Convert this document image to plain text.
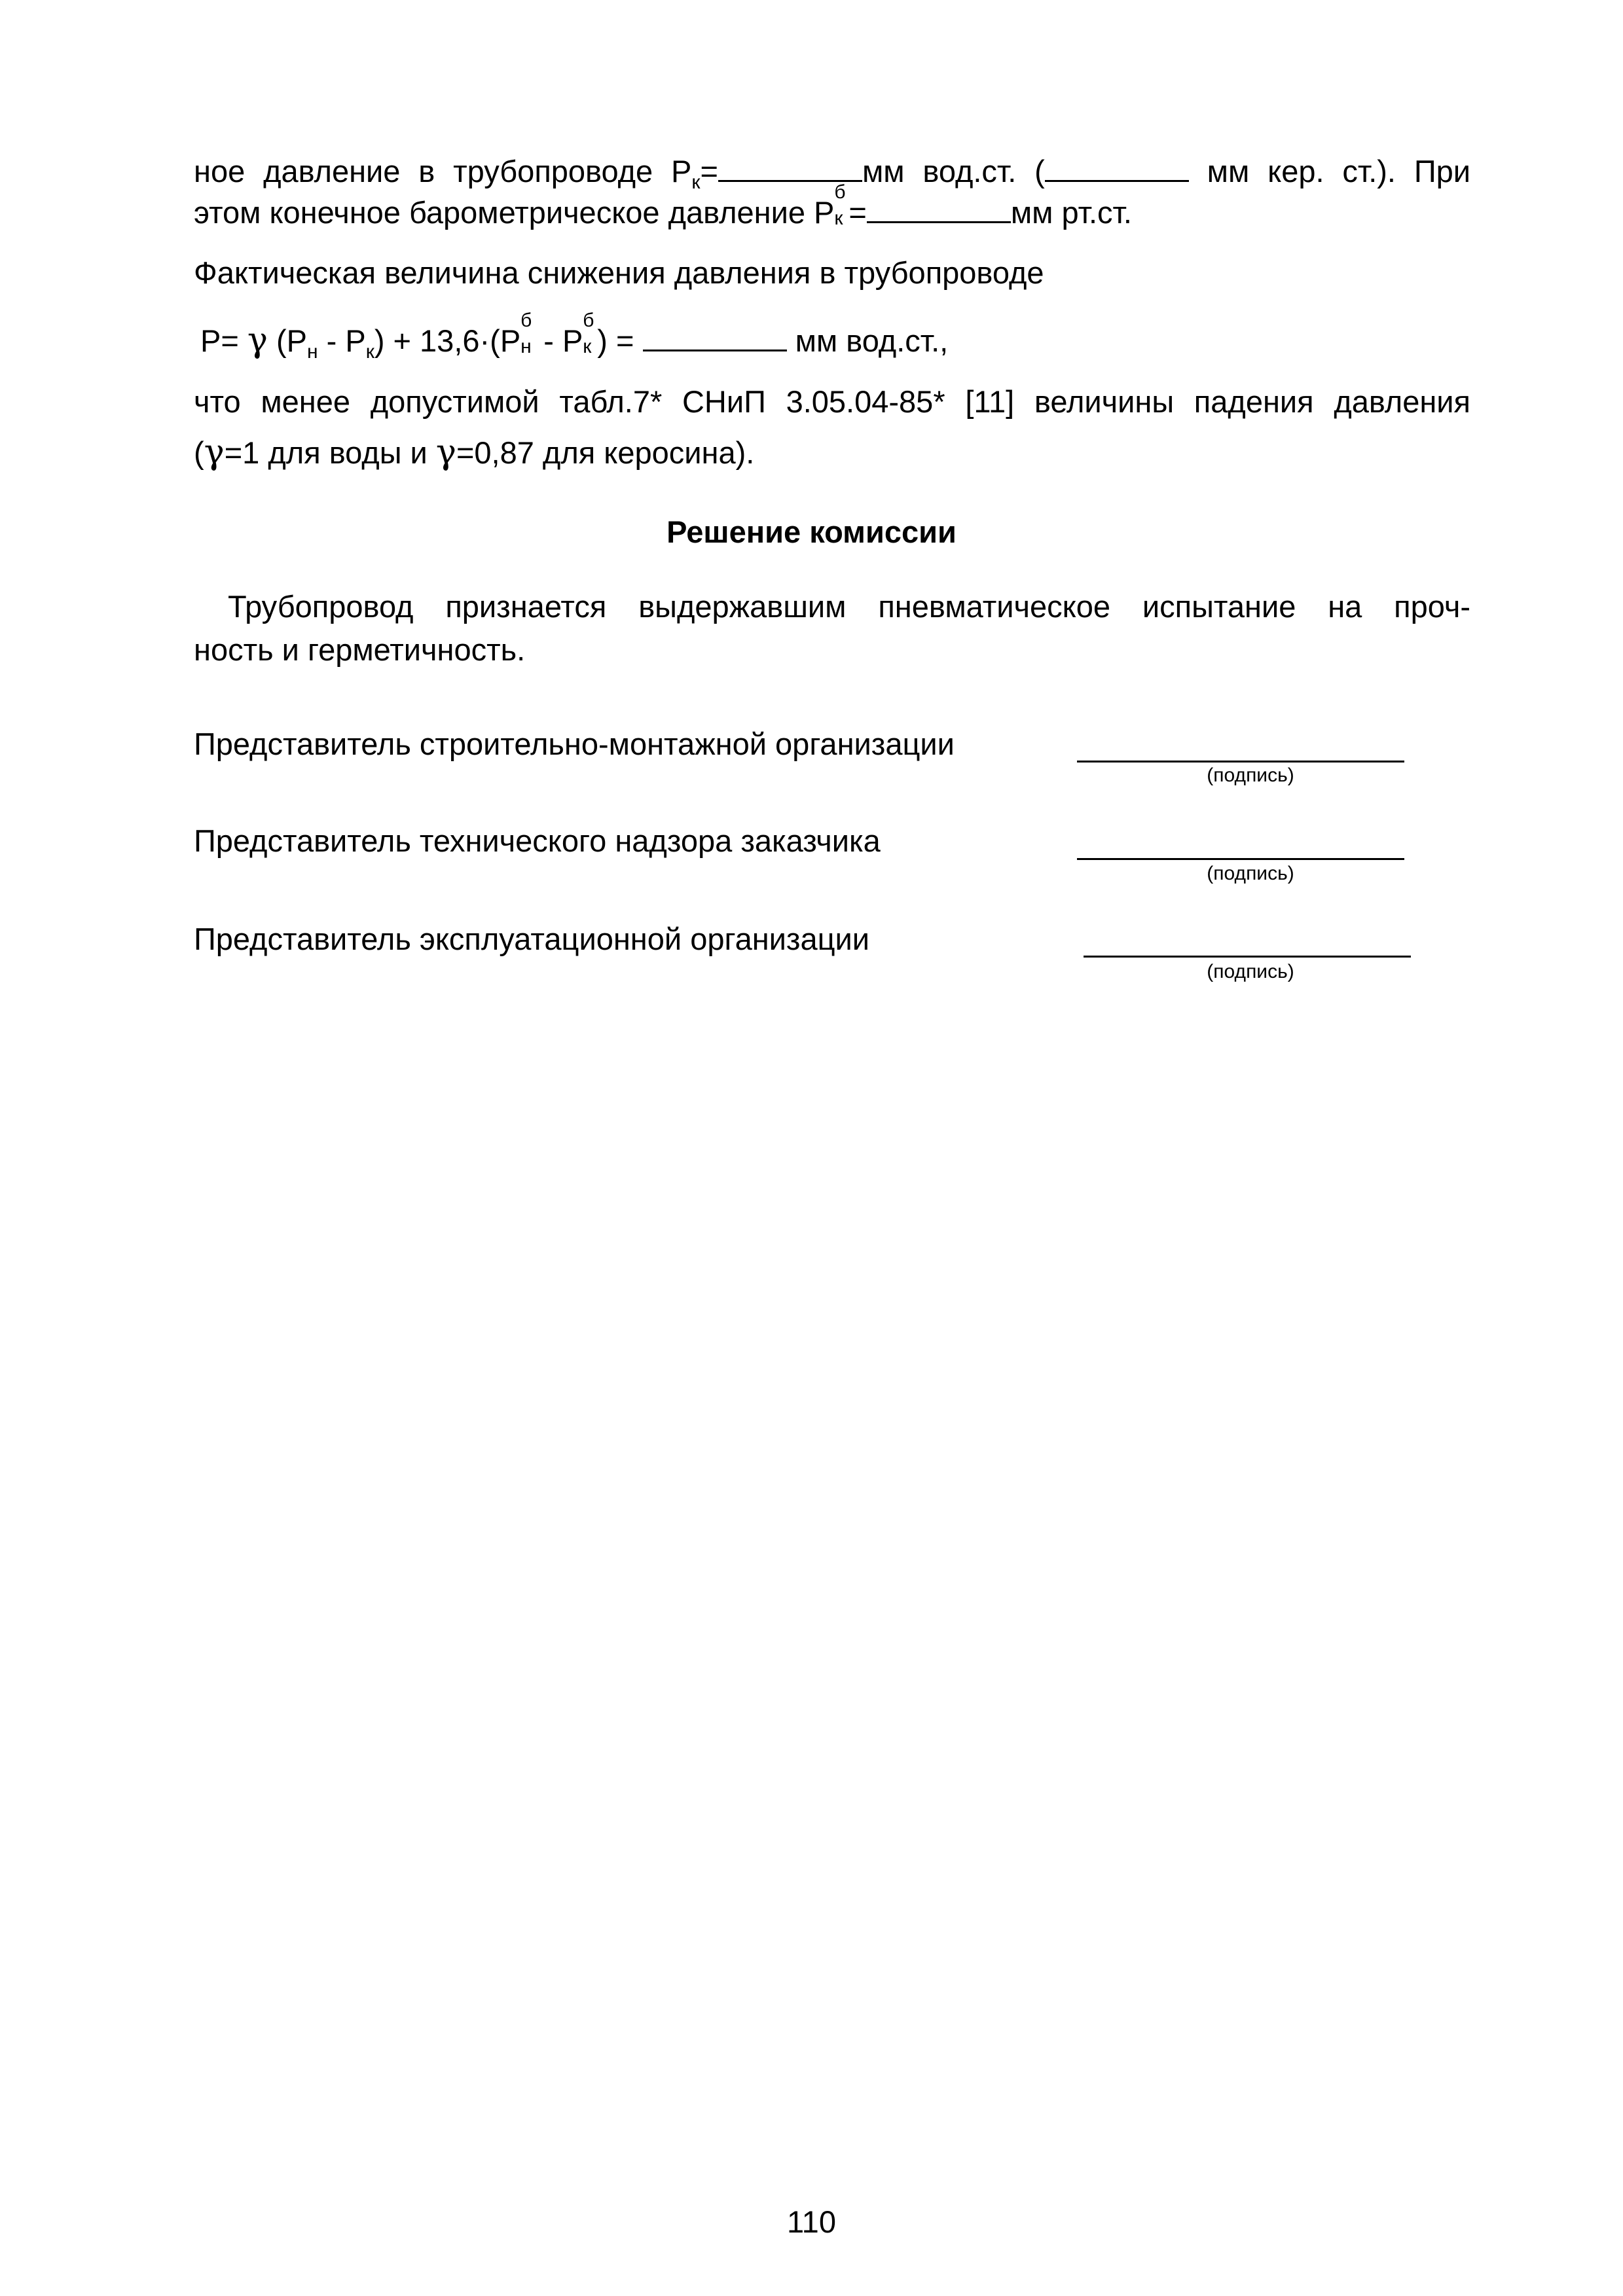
ное давление в трубопроводе $Р_к=$	мм вод.ст. (	мм кер. ст.). При
этом конечное барометрическое давление Р
б
к =	мм рт.ст.
Фактическая величина снижения давления в трубопроводе
Р= γ $(Р_н - Р_к) + 13,6\cdot(Р$
б
н - Р
б
к ) =	мм вод.ст.,
что менее допустимой табл.7* СНиП 3.05.04-85* [11] величины падения давления
(γ=1 для воды и γ=0,87 для керосина).
Решение комиссии
Трубопровод признается выдержавшим пневматическое испытание на проч-
ность и герметичность.
Представитель строительно-монтажной организации
(подпись)
Представитель технического надзора заказчика
(подпись)
Представитель эксплуатационной организации
(подпись)
110
